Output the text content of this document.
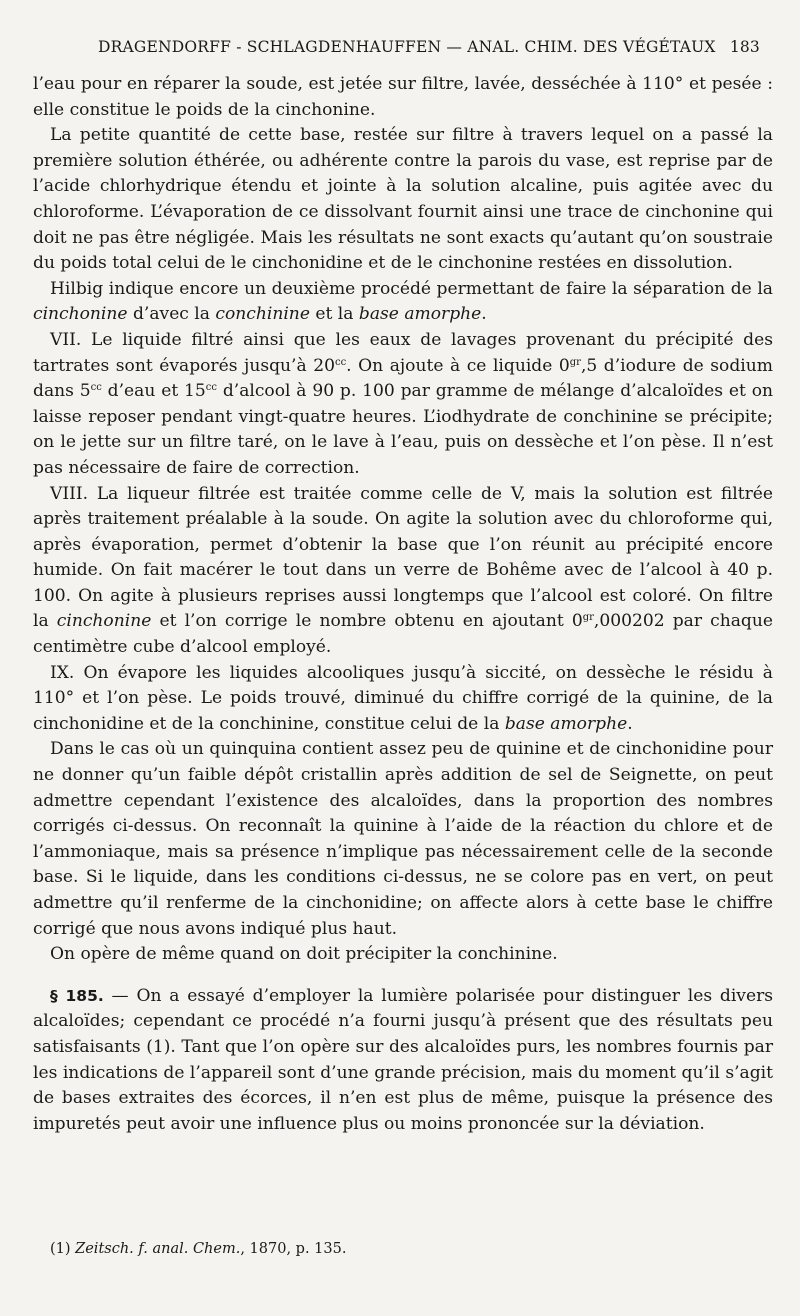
DRAGENDORFF - SCHLAGDENHAUFFEN — ANAL. CHIM. DES VÉGÉTAUX 183

l’eau pour en réparer la soude, est jetée sur filtre, lavée, desséchée à 110° et pesée : elle constitue le poids de la cinchonine.

La petite quantité de cette base, restée sur filtre à travers lequel on a passé la première solution éthérée, ou adhérente contre la parois du vase, est reprise par de l’acide chlorhydrique étendu et jointe à la solution alcaline, puis agitée avec du chloroforme. L’évaporation de ce dissolvant fournit ainsi une trace de cinchonine qui doit ne pas être négligée. Mais les résultats ne sont exacts qu’autant qu’on soustraie du poids total celui de le cinchonidine et de le cinchonine restées en dissolution.

Hilbig indique encore un deuxième procédé permettant de faire la séparation de la cinchonine d’avec la conchinine et la base amorphe.

VII. Le liquide filtré ainsi que les eaux de lavages provenant du précipité des tartrates sont évaporés jusqu’à $20^{cc}$. On ajoute à ce liquide $0^{gr},5$ d’iodure de sodium dans $5^{cc}$ d’eau et $15^{cc}$ d’alcool à 90 p. 100 par gramme de mélange d’alcaloïdes et on laisse reposer pendant vingt-quatre heures. L’iodhydrate de conchinine se précipite; on le jette sur un filtre taré, on le lave à l’eau, puis on dessèche et l’on pèse. Il n’est pas nécessaire de faire de correction.

VIII. La liqueur filtrée est traitée comme celle de V, mais la solution est filtrée après traitement préalable à la soude. On agite la solution avec du chloroforme qui, après évaporation, permet d’obtenir la base que l’on réunit au précipité encore humide. On fait macérer le tout dans un verre de Bohême avec de l’alcool à 40 p. 100. On agite à plusieurs reprises aussi longtemps que l’alcool est coloré. On filtre la cinchonine et l’on corrige le nombre obtenu en ajoutant $0^{gr},000202$ par chaque centimètre cube d’alcool employé.

IX. On évapore les liquides alcooliques jusqu’à siccité, on dessèche le résidu à 110° et l’on pèse. Le poids trouvé, diminué du chiffre corrigé de la quinine, de la cinchonidine et de la conchinine, constitue celui de la base amorphe.

Dans le cas où un quinquina contient assez peu de quinine et de cinchonidine pour ne donner qu’un faible dépôt cristallin après addition de sel de Seignette, on peut admettre cependant l’existence des alcaloïdes, dans la proportion des nombres corrigés ci-dessus. On reconnaît la quinine à l’aide de la réaction du chlore et de l’ammoniaque, mais sa présence n’implique pas nécessairement celle de la seconde base. Si le liquide, dans les conditions ci-dessus, ne se colore pas en vert, on peut admettre qu’il renferme de la cinchonidine; on affecte alors à cette base le chiffre corrigé que nous avons indiqué plus haut.

On opère de même quand on doit précipiter la conchinine.

§ 185. — On a essayé d’employer la lumière polarisée pour distinguer les divers alcaloïdes; cependant ce procédé n’a fourni jusqu’à présent que des résultats peu satisfaisants (1). Tant que l’on opère sur des alcaloïdes purs, les nombres fournis par les indications de l’appareil sont d’une grande précision, mais du moment qu’il s’agit de bases extraites des écorces, il n’en est plus de même, puisque la présence des impuretés peut avoir une influence plus ou moins prononcée sur la déviation.

(1) Zeitsch. f. anal. Chem., 1870, p. 135.
